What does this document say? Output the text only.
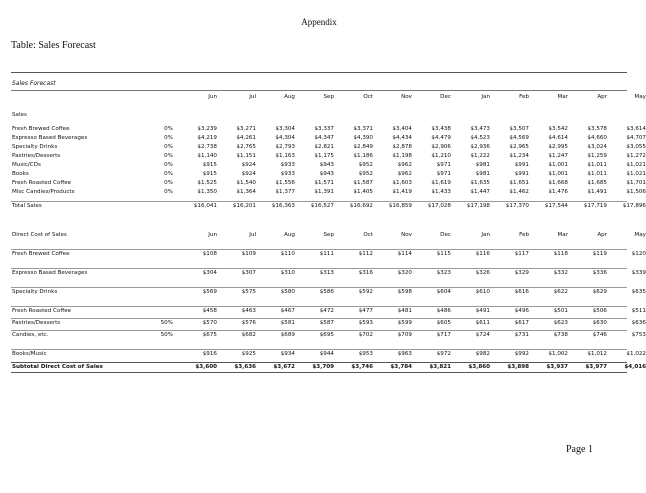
Appendix
Table: Sales Forecast
Sales Forecast
Jun	Jul	Aug	Sep	Oct	Nov	Dec	Jan	Feb	Mar	Apr	May
Sales
Fresh Brewed Coffee	0%	$3,239	$3,271	$3,304	$3,337	$3,371	$3,404	$3,438	$3,473	$3,507	$3,542	$3,578	$3,614
Espresso Based Beverages	0%	$4,219	$4,261	$4,304	$4,347	$4,390	$4,434	$4,479	$4,523	$4,569	$4,614	$4,660	$4,707
Specialty Drinks	0%	$2,738	$2,765	$2,793	$2,821	$2,849	$2,878	$2,906	$2,936	$2,965	$2,995	$3,024	$3,055
Pastries/Desserts	0%	$1,140	$1,151	$1,163	$1,175	$1,186	$1,198	$1,210	$1,222	$1,234	$1,247	$1,259	$1,272
Music/CDs	0%	$915	$924	$933	$943	$952	$962	$971	$981	$991	$1,001	$1,011	$1,021
Books	0%	$915	$924	$933	$943	$952	$962	$971	$981	$991	$1,001	$1,011	$1,021
Fresh Roasted Coffee	0%	$1,525	$1,540	$1,556	$1,571	$1,587	$1,603	$1,619	$1,635	$1,651	$1,668	$1,685	$1,701
Misc Candies/Products	0%	$1,350	$1,364	$1,377	$1,391	$1,405	$1,419	$1,433	$1,447	$1,462	$1,476	$1,491	$1,506
Total Sales	$16,041	$16,201	$16,363	$16,527	$16,692	$16,859	$17,028	$17,198	$17,370	$17,544	$17,719	$17,896
Direct Cost of Sales	Jun	Jul	Aug	Sep	Oct	Nov	Dec	Jan	Feb	Mar	Apr	May
Fresh Brewed Coffee	$108	$109	$110	$111	$112	$114	$115	$116	$117	$118	$119	$120
Espresso Based Beverages	$304	$307	$310	$313	$316	$320	$323	$326	$329	$332	$336	$339
Specialty Drinks	$569	$575	$580	$586	$592	$598	$604	$610	$616	$622	$629	$635
Fresh Roasted Coffee	$458	$463	$467	$472	$477	$481	$486	$491	$496	$501	$506	$511
Pastries/Desserts	50%	$570	$576	$581	$587	$593	$599	$605	$611	$617	$623	$630	$636
Candies, etc.	50%	$675	$682	$689	$695	$702	$709	$717	$724	$731	$738	$746	$753
Books/Music	$916	$925	$934	$944	$953	$963	$972	$982	$992	$1,002	$1,012	$1,022
Subtotal Direct Cost of Sales	$3,600	$3,636	$3,672	$3,709	$3,746	$3,784	$3,821	$3,860	$3,898	$3,937	$3,977	$4,016
Page 1
